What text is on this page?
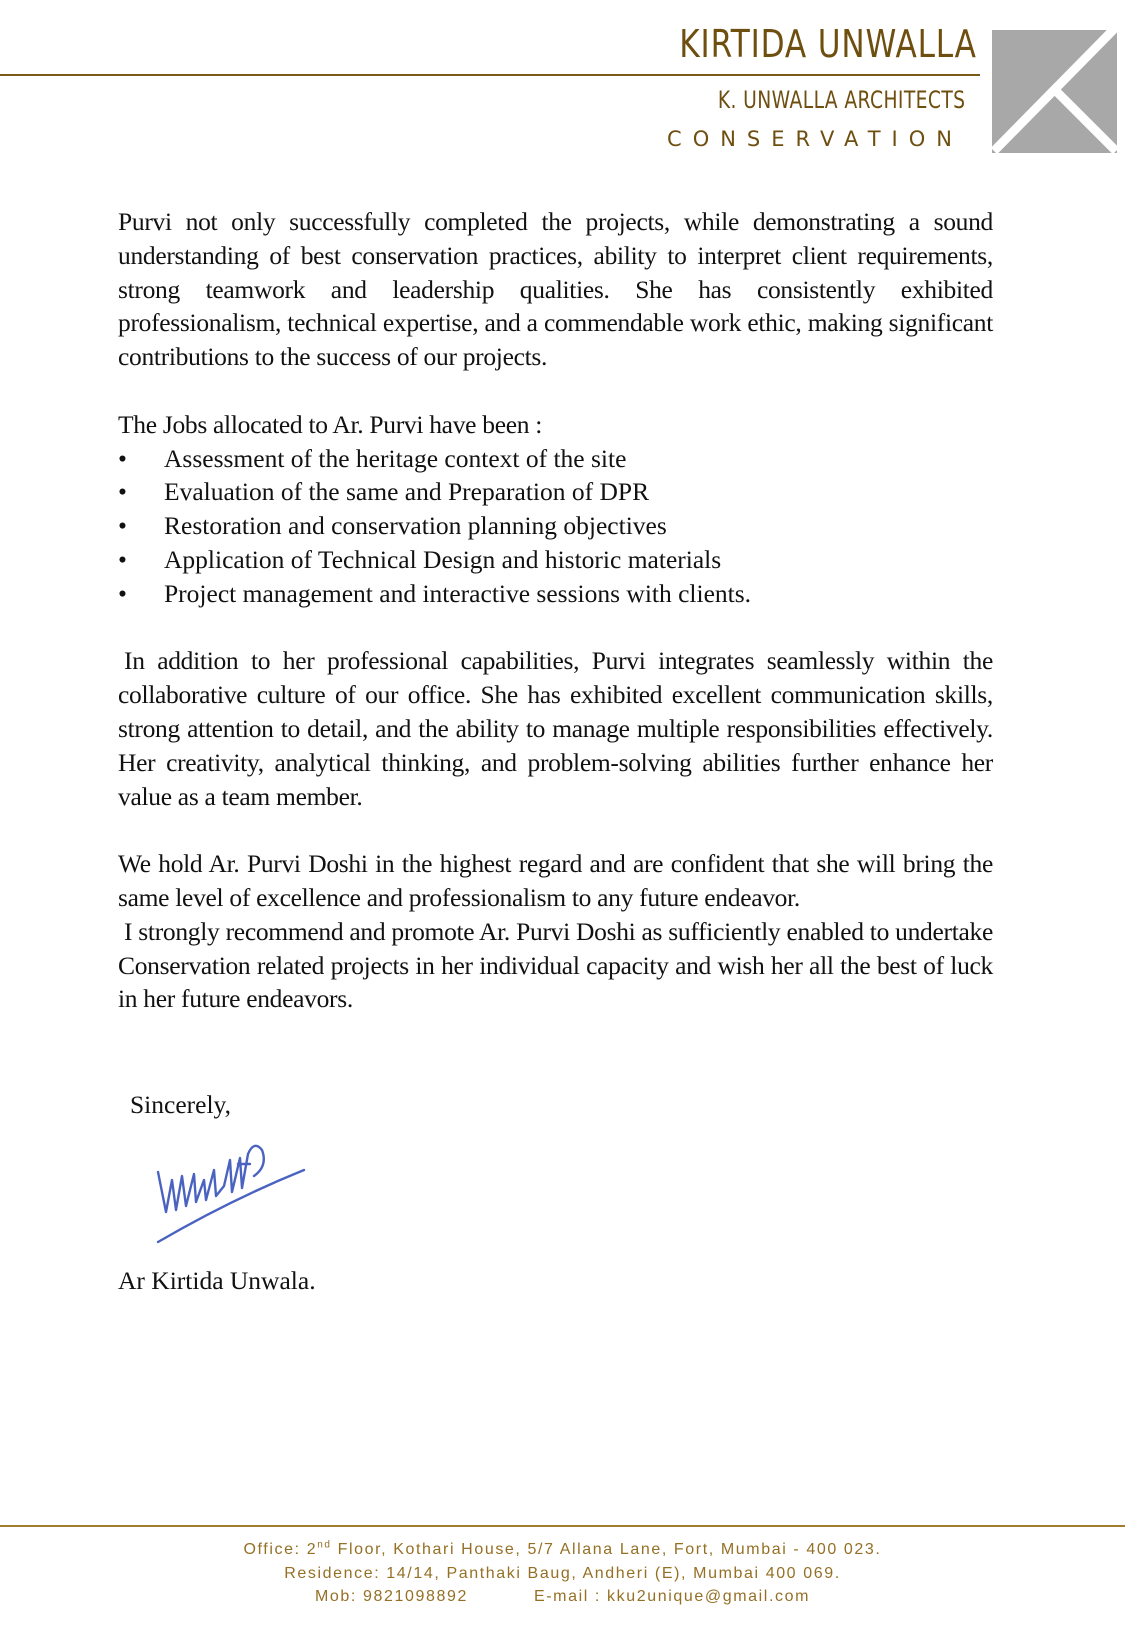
KIRTIDA UNWALLA
K. UNWALLA ARCHITECTS
CONSERVATION

Purvi not only successfully completed the projects, while demonstrating a sound understanding of best conservation practices, ability to interpret client requirements, strong teamwork and leadership qualities. She has consistently exhibited professionalism, technical expertise, and a commendable work ethic, making significant contributions to the success of our projects.

The Jobs allocated to Ar. Purvi have been :

• Assessment of the heritage context of the site
• Evaluation of the same and Preparation of DPR
• Restoration and conservation planning objectives
• Application of Technical Design and historic materials
• Project management and interactive sessions with clients.

In addition to her professional capabilities, Purvi integrates seamlessly within the collaborative culture of our office. She has exhibited excellent communication skills, strong attention to detail, and the ability to manage multiple responsibilities effectively. Her creativity, analytical thinking, and problem-solving abilities further enhance her value as a team member.

We hold Ar. Purvi Doshi in the highest regard and are confident that she will bring the same level of excellence and professionalism to any future endeavor.

I strongly recommend and promote Ar. Purvi Doshi as sufficiently enabled to undertake Conservation related projects in her individual capacity and wish her all the best of luck in her future endeavors.

Sincerely,
Ar Kirtida Unwala.
Office: 2nd Floor, Kothari House, 5/7 Allana Lane, Fort, Mumbai - 400 023.
Residence: 14/14, Panthaki Baug, Andheri (E), Mumbai 400 069.
Mob: 9821098892	E-mail : kku2unique@gmail.com
